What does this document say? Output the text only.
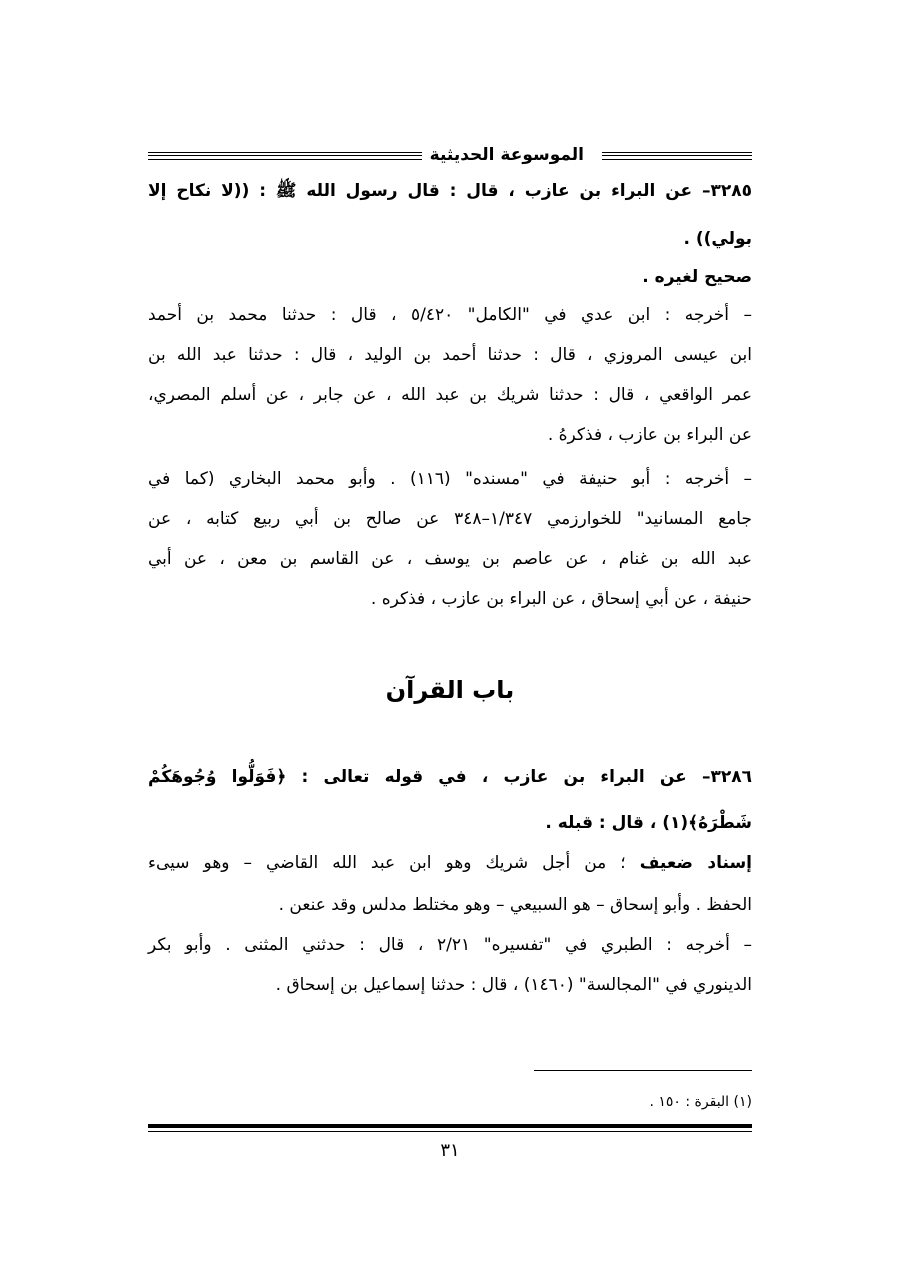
الموسوعة الحديثية
٣٢٨٥– عن البراء بن عازب ، قال : قال رسول الله ﷺ : ((لا نكاح إلا
بولي)) .
صحيح لغيره .
– أخرجه : ابن عدي في "الكامل" ٥/٤٢٠ ، قال : حدثنا محمد بن أحمد
ابن عيسى المروزي ، قال : حدثنا أحمد بن الوليد ، قال : حدثنا عبد الله بن
عمر الواقعي ، قال : حدثنا شريك بن عبد الله ، عن جابر ، عن أسلم المصري،
عن البراء بن عازب ، فذكرهُ .
– أخرجه : أبو حنيفة في "مسنده" (١١٦) . وأبو محمد البخاري (كما في
جامع المسانيد" للخوارزمي ١/٣٤٧–٣٤٨ عن صالح بن أبي ربيع كتابه ، عن
عبد الله بن غنام ، عن عاصم بن يوسف ، عن القاسم بن معن ، عن أبي
حنيفة ، عن أبي إسحاق ، عن البراء بن عازب ، فذكره .
باب القرآن
٣٢٨٦– عن البراء بن عازب ، في قوله تعالى : ﴿فَوَلُّوا وُجُوهَكُمْ
شَطْرَهُ﴾(١) ، قال : قبله .
إسناد ضعيف ؛ من أجل شريك وهو ابن عبد الله القاضي – وهو سيىء
الحفظ . وأبو إسحاق – هو السبيعي – وهو مختلط مدلس وقد عنعن .
– أخرجه : الطبري في "تفسيره" ٢/٢١ ، قال : حدثني المثنى . وأبو بكر
الدينوري في "المجالسة" (١٤٦٠) ، قال : حدثنا إسماعيل بن إسحاق .
(١) البقرة : ١٥٠ .
٣١
